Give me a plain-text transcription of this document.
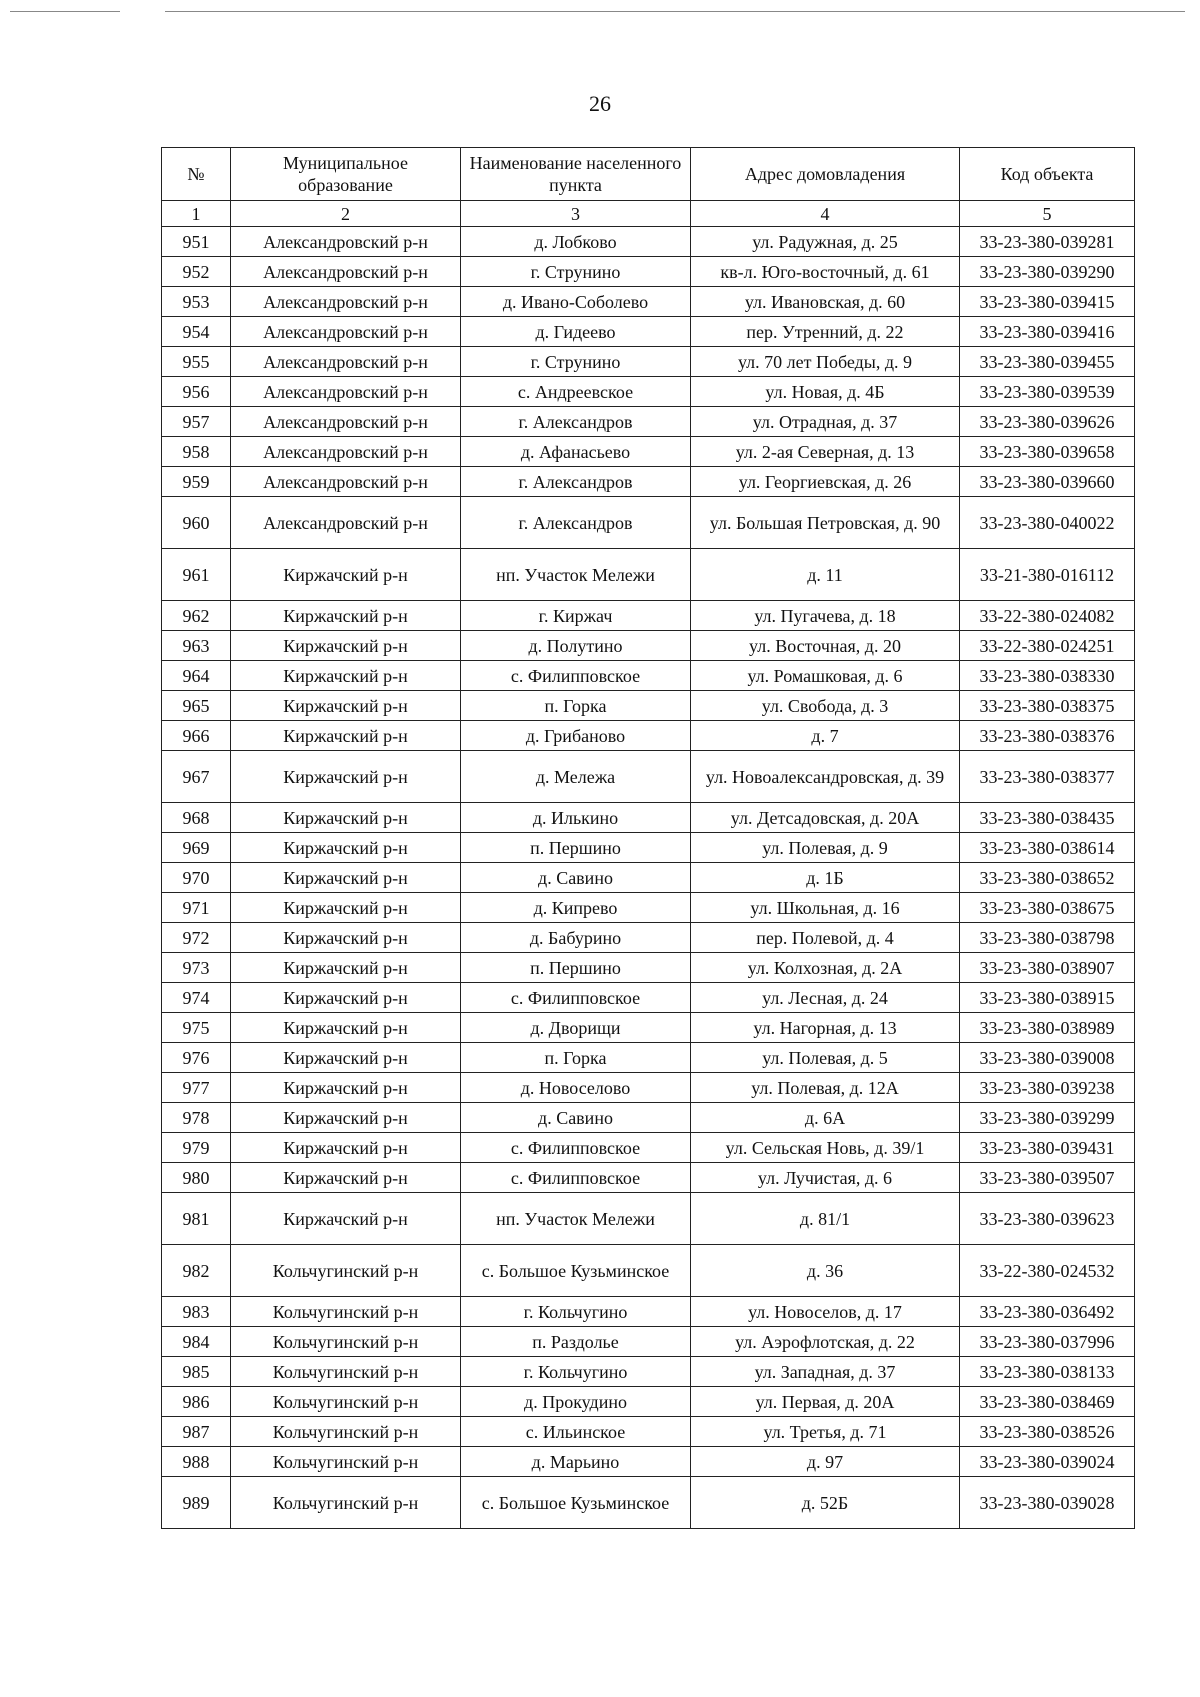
26
№	Муниципальное образование	Наименование населенного пункта	Адрес домовладения	Код объекта
1	2	3	4	5
951	Александровский р-н	д. Лобково	ул. Радужная, д. 25	33-23-380-039281
952	Александровский р-н	г. Струнино	кв-л. Юго-восточный, д. 61	33-23-380-039290
953	Александровский р-н	д. Ивано-Соболево	ул. Ивановская, д. 60	33-23-380-039415
954	Александровский р-н	д. Гидеево	пер. Утренний, д. 22	33-23-380-039416
955	Александровский р-н	г. Струнино	ул. 70 лет Победы, д. 9	33-23-380-039455
956	Александровский р-н	с. Андреевское	ул. Новая, д. 4Б	33-23-380-039539
957	Александровский р-н	г. Александров	ул. Отрадная, д. 37	33-23-380-039626
958	Александровский р-н	д. Афанасьево	ул. 2-ая Северная, д. 13	33-23-380-039658
959	Александровский р-н	г. Александров	ул. Георгиевская, д. 26	33-23-380-039660
960	Александровский р-н	г. Александров	ул. Большая Петровская, д. 90	33-23-380-040022
961	Киржачский р-н	нп. Участок Мележи	д. 11	33-21-380-016112
962	Киржачский р-н	г. Киржач	ул. Пугачева, д. 18	33-22-380-024082
963	Киржачский р-н	д. Полутино	ул. Восточная, д. 20	33-22-380-024251
964	Киржачский р-н	с. Филипповское	ул. Ромашковая, д. 6	33-23-380-038330
965	Киржачский р-н	п. Горка	ул. Свобода, д. 3	33-23-380-038375
966	Киржачский р-н	д. Грибаново	д. 7	33-23-380-038376
967	Киржачский р-н	д. Мележа	ул. Новоалександровская, д. 39	33-23-380-038377
968	Киржачский р-н	д. Илькино	ул. Детсадовская, д. 20А	33-23-380-038435
969	Киржачский р-н	п. Першино	ул. Полевая, д. 9	33-23-380-038614
970	Киржачский р-н	д. Савино	д. 1Б	33-23-380-038652
971	Киржачский р-н	д. Кипрево	ул. Школьная, д. 16	33-23-380-038675
972	Киржачский р-н	д. Бабурино	пер. Полевой, д. 4	33-23-380-038798
973	Киржачский р-н	п. Першино	ул. Колхозная, д. 2А	33-23-380-038907
974	Киржачский р-н	с. Филипповское	ул. Лесная, д. 24	33-23-380-038915
975	Киржачский р-н	д. Дворищи	ул. Нагорная, д. 13	33-23-380-038989
976	Киржачский р-н	п. Горка	ул. Полевая, д. 5	33-23-380-039008
977	Киржачский р-н	д. Новоселово	ул. Полевая, д. 12А	33-23-380-039238
978	Киржачский р-н	д. Савино	д. 6А	33-23-380-039299
979	Киржачский р-н	с. Филипповское	ул. Сельская Новь, д. 39/1	33-23-380-039431
980	Киржачский р-н	с. Филипповское	ул. Лучистая, д. 6	33-23-380-039507
981	Киржачский р-н	нп. Участок Мележи	д. 81/1	33-23-380-039623
982	Кольчугинский р-н	с. Большое Кузьминское	д. 36	33-22-380-024532
983	Кольчугинский р-н	г. Кольчугино	ул. Новоселов, д. 17	33-23-380-036492
984	Кольчугинский р-н	п. Раздолье	ул. Аэрофлотская, д. 22	33-23-380-037996
985	Кольчугинский р-н	г. Кольчугино	ул. Западная, д. 37	33-23-380-038133
986	Кольчугинский р-н	д. Прокудино	ул. Первая, д. 20А	33-23-380-038469
987	Кольчугинский р-н	с. Ильинское	ул. Третья, д. 71	33-23-380-038526
988	Кольчугинский р-н	д. Марьино	д. 97	33-23-380-039024
989	Кольчугинский р-н	с. Большое Кузьминское	д. 52Б	33-23-380-039028
